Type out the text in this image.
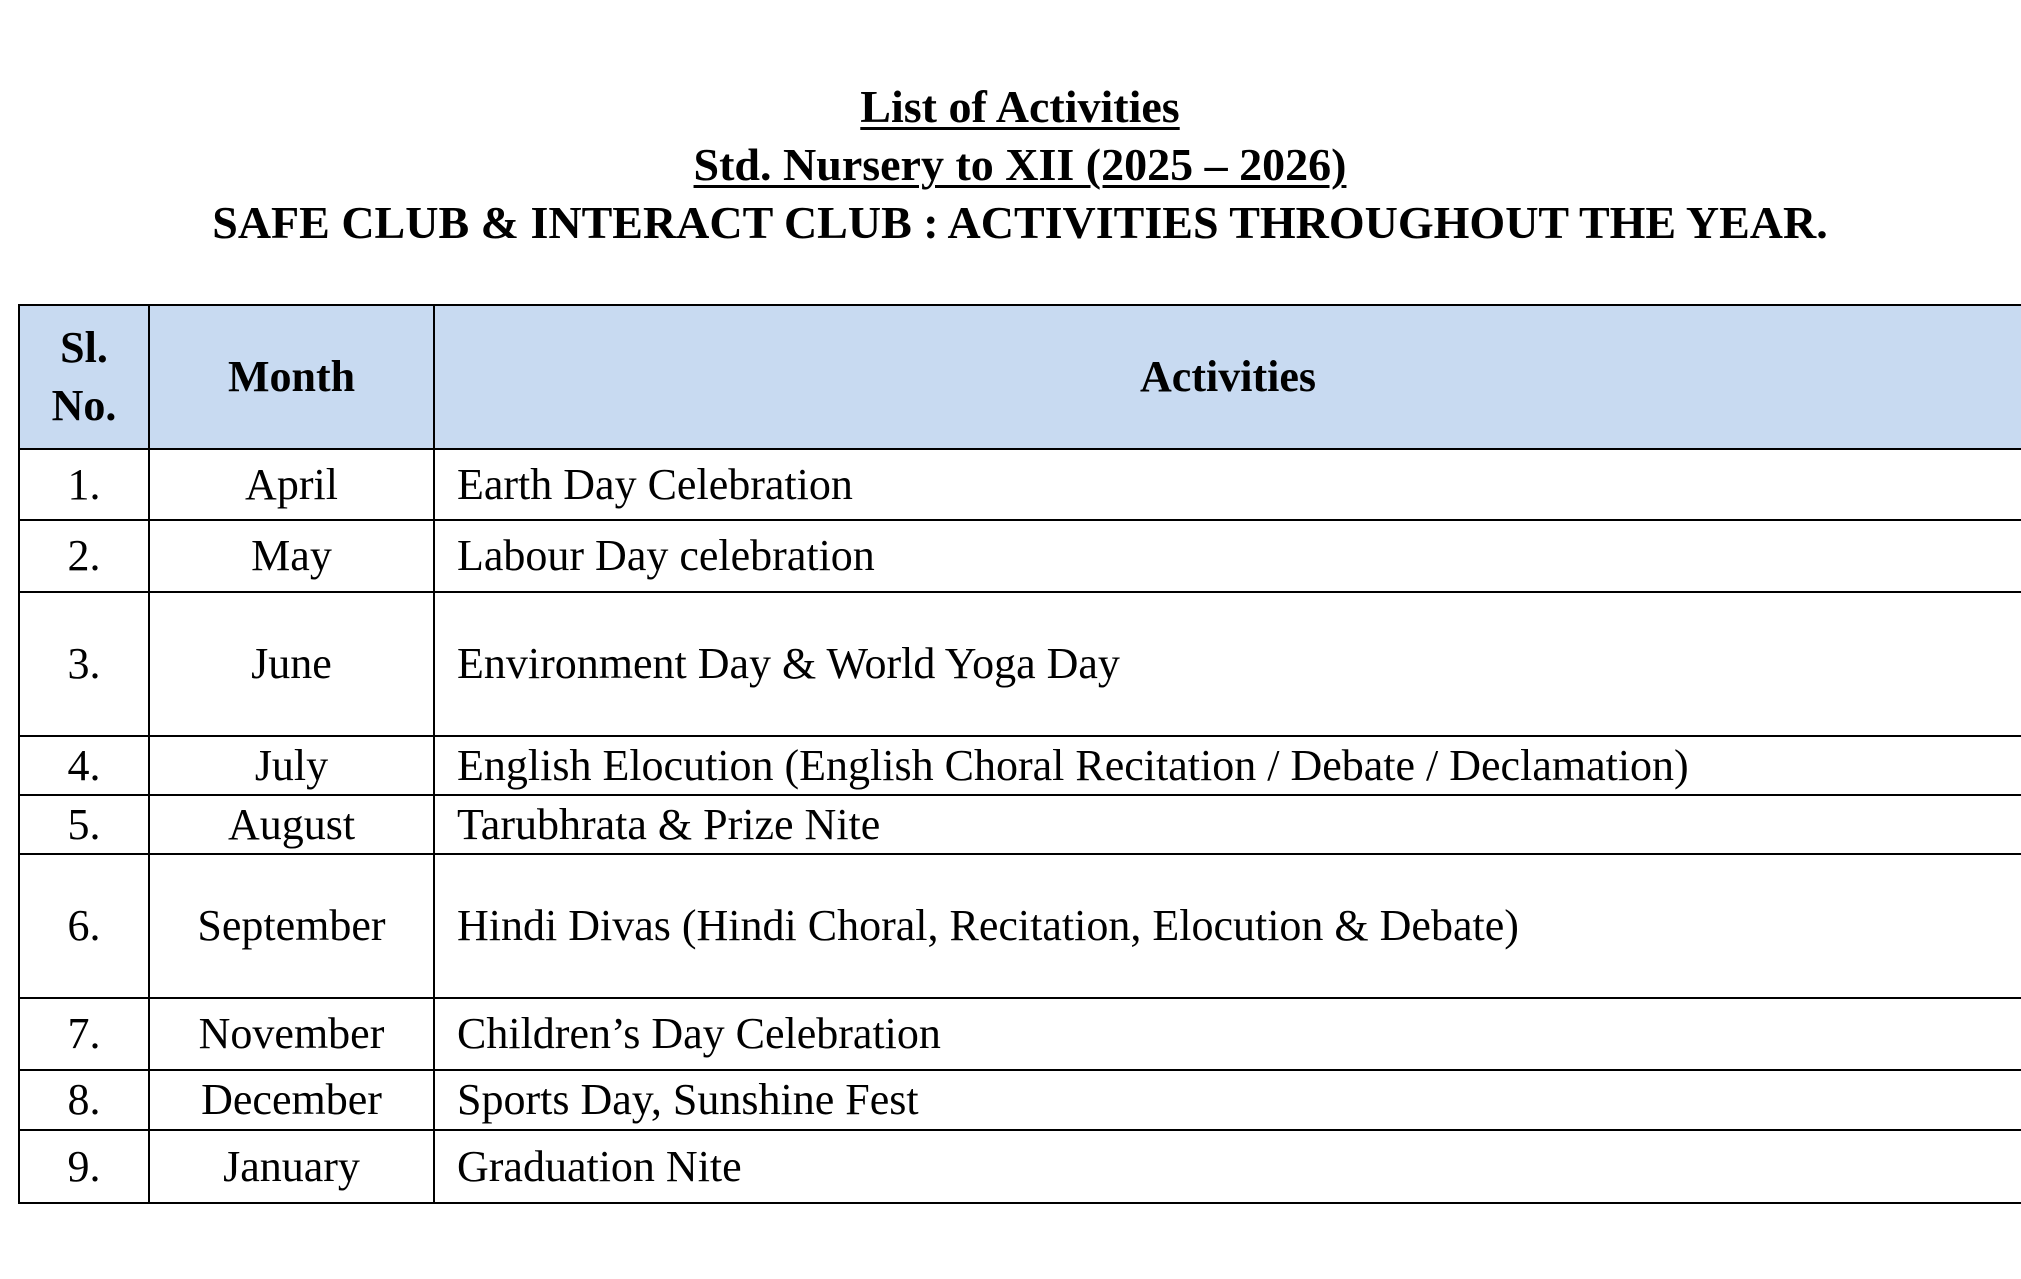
List of Activities
Std. Nursery to XII (2025 – 2026)
SAFE CLUB & INTERACT CLUB : ACTIVITIES THROUGHOUT THE YEAR.
Sl.
No.	Month	Activities
1.	April	Earth Day Celebration
2.	May	Labour Day celebration
3.	June	Environment Day & World Yoga Day
4.	July	English Elocution (English Choral Recitation / Debate / Declamation)
5.	August	Tarubhrata & Prize Nite
6.	September	Hindi Divas (Hindi Choral, Recitation, Elocution & Debate)
7.	November	Children’s Day Celebration
8.	December	Sports Day, Sunshine Fest
9.	January	Graduation Nite
